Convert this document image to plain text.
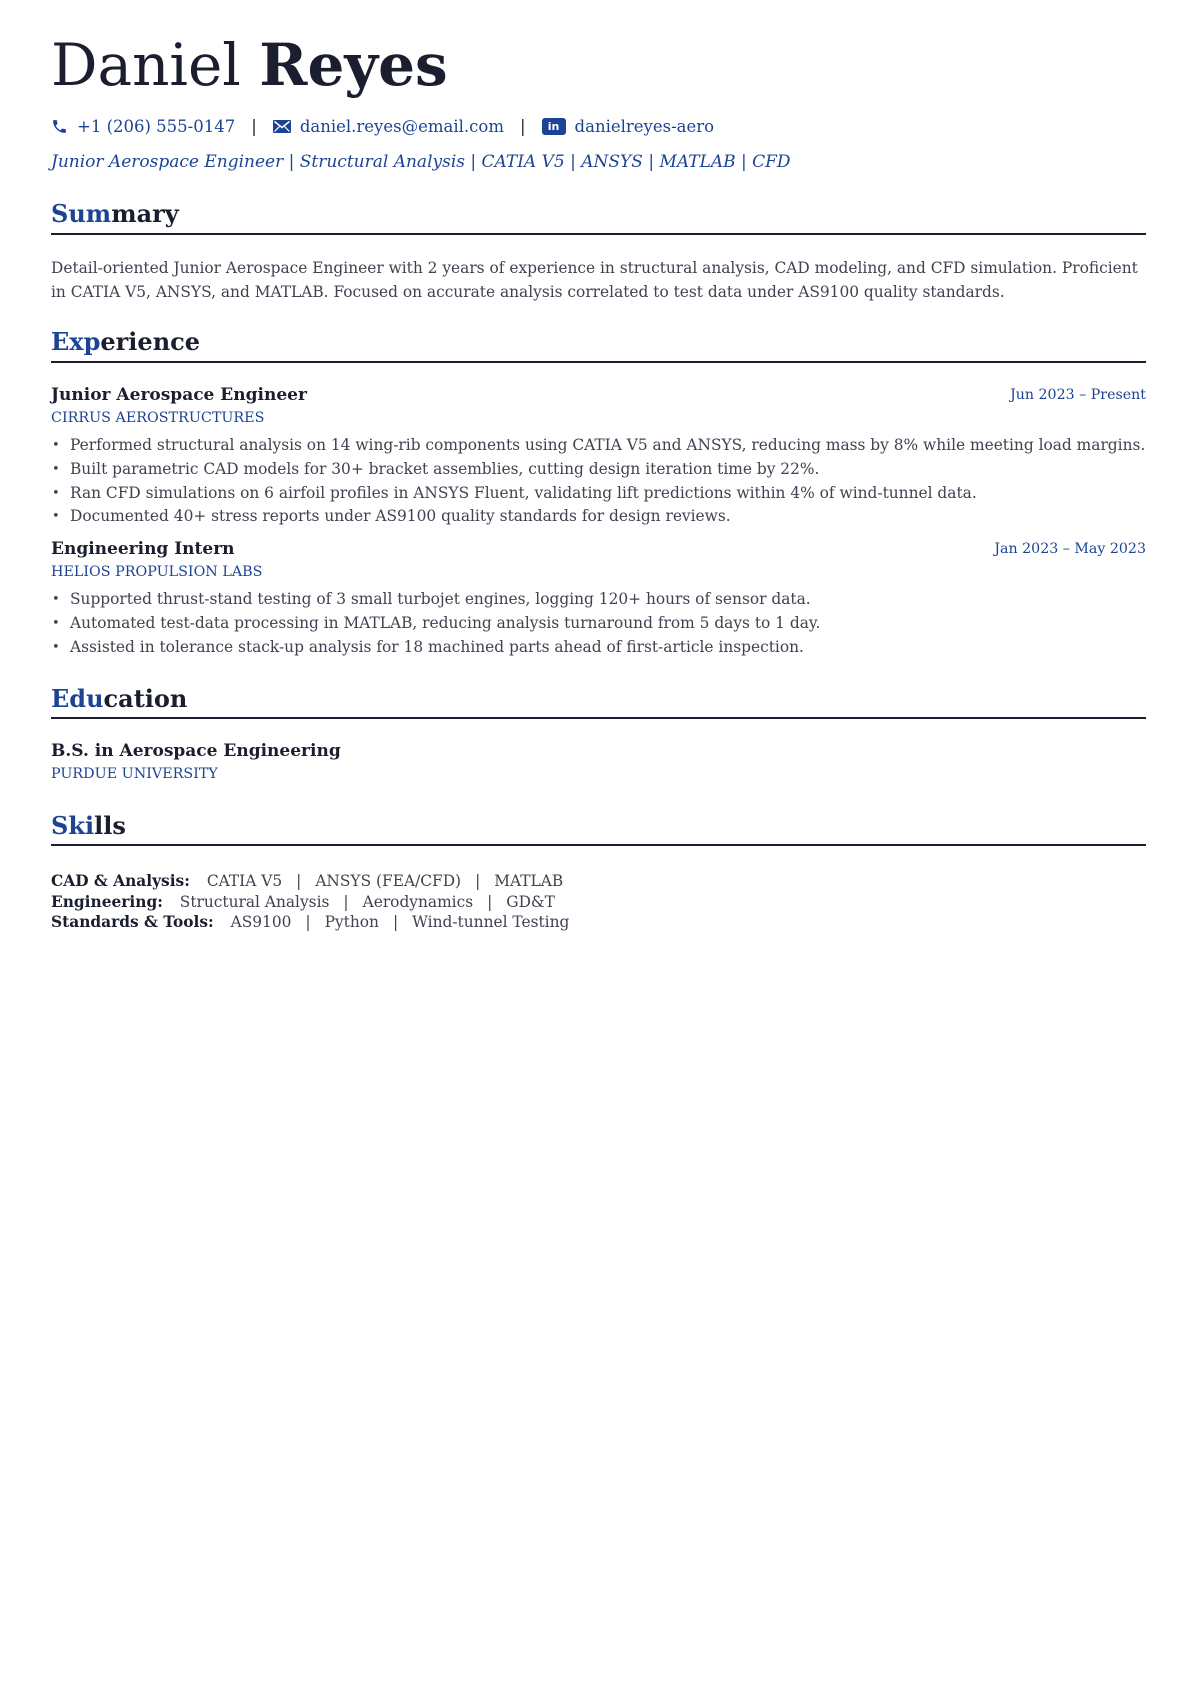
Daniel Reyes
+1 (206) 555-0147 |	daniel.reyes@email.com |	in danielreyes-aero
Junior Aerospace Engineer | Structural Analysis | CATIA V5 | ANSYS | MATLAB | CFD
Summary
Detail-oriented Junior Aerospace Engineer with 2 years of experience in structural analysis, CAD modeling, and CFD simulation. Proficient in CATIA V5, ANSYS, and MATLAB. Focused on accurate analysis correlated to test data under AS9100 quality standards.
Experience
Junior Aerospace Engineer	Jun 2023 – Present
CIRRUS AEROSTRUCTURES
• Performed structural analysis on 14 wing-rib components using CATIA V5 and ANSYS, reducing mass by 8% while meeting load margins.
• Built parametric CAD models for 30+ bracket assemblies, cutting design iteration time by 22%.
• Ran CFD simulations on 6 airfoil profiles in ANSYS Fluent, validating lift predictions within 4% of wind-tunnel data.
• Documented 40+ stress reports under AS9100 quality standards for design reviews.
Engineering Intern	Jan 2023 – May 2023
HELIOS PROPULSION LABS
• Supported thrust-stand testing of 3 small turbojet engines, logging 120+ hours of sensor data.
• Automated test-data processing in MATLAB, reducing analysis turnaround from 5 days to 1 day.
• Assisted in tolerance stack-up analysis for 18 machined parts ahead of first-article inspection.
Education
B.S. in Aerospace Engineering
PURDUE UNIVERSITY
Skills
CAD & Analysis: CATIA V5 | ANSYS (FEA/CFD) | MATLAB
Engineering: Structural Analysis | Aerodynamics | GD&T
Standards & Tools: AS9100 | Python | Wind-tunnel Testing
